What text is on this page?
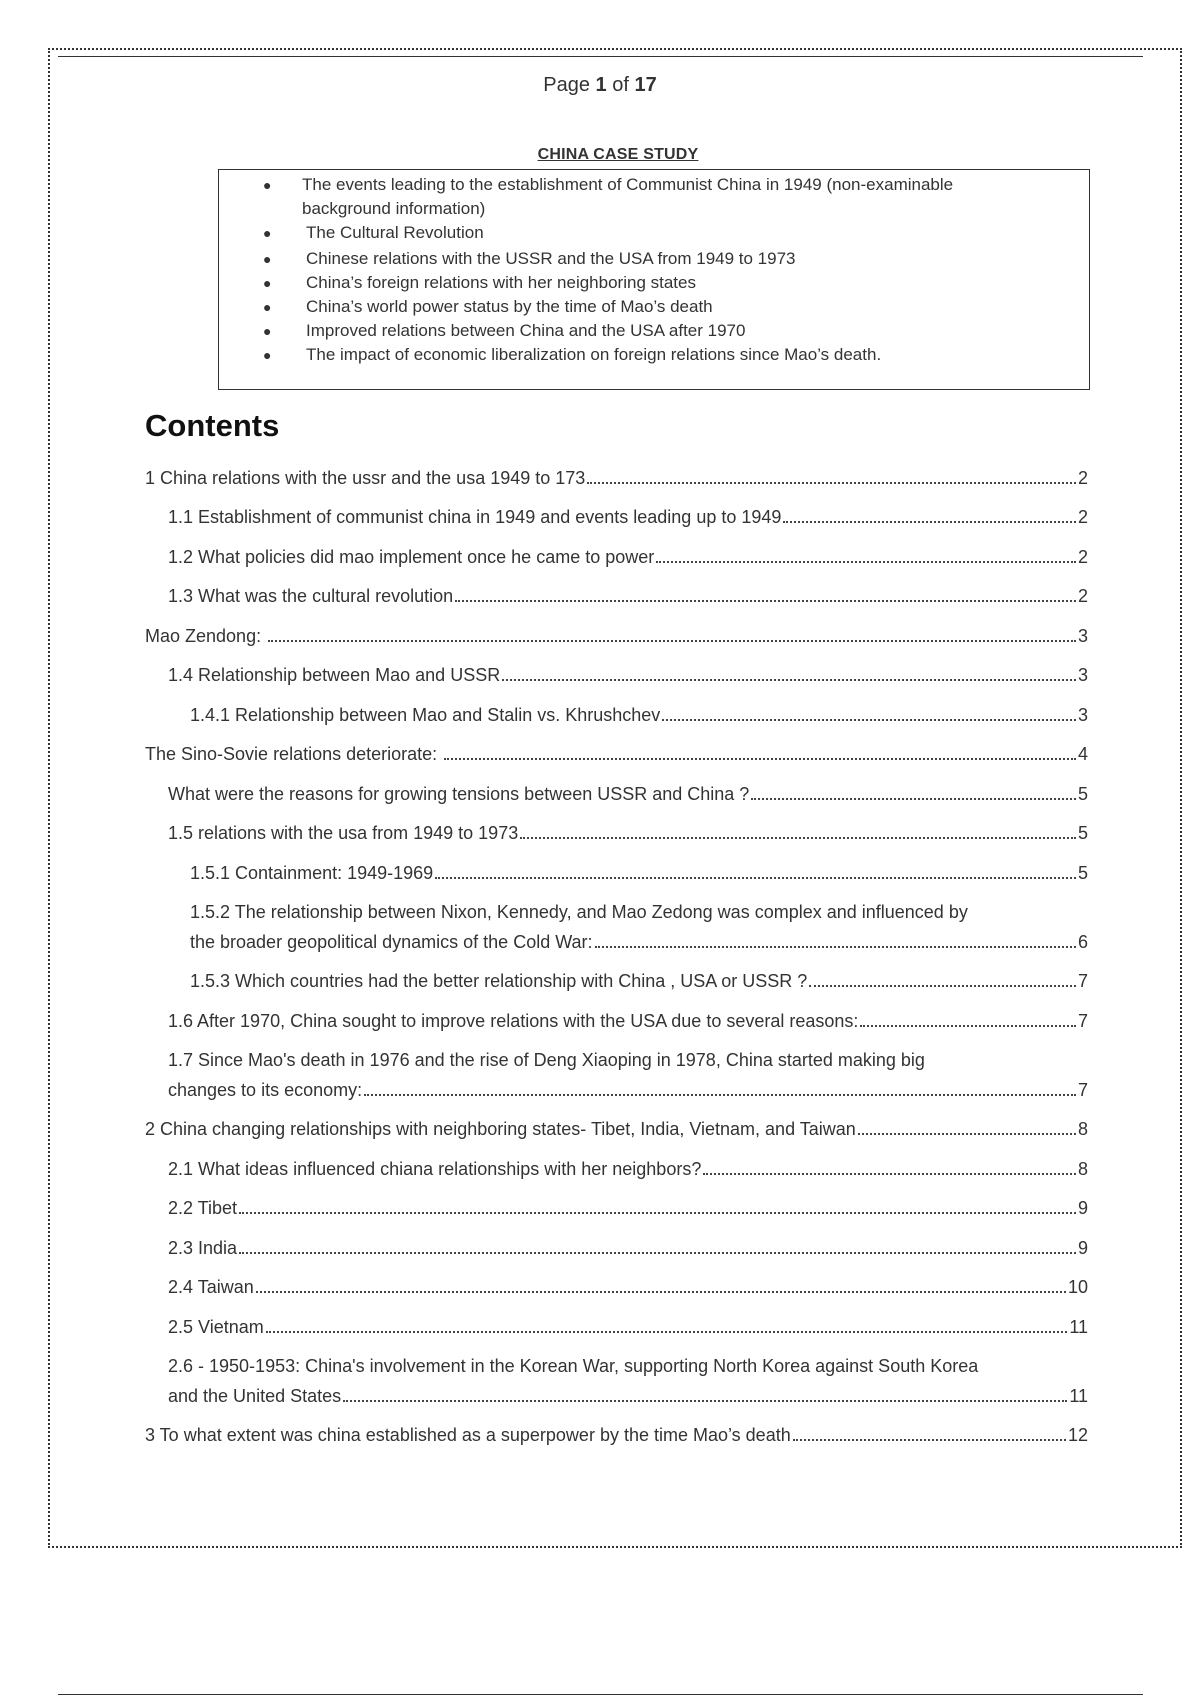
Page 1 of 17
CHINA CASE STUDY
● The events leading to the establishment of Communist China in 1949 (non-examinable
background information)
● The Cultural Revolution
● Chinese relations with the USSR and the USA from 1949 to 1973
● China’s foreign relations with her neighboring states
● China’s world power status by the time of Mao’s death
● Improved relations between China and the USA after 1970
● The impact of economic liberalization on foreign relations since Mao’s death.
Contents
1 China relations with the ussr and the usa 1949 to 173	2
1.1 Establishment of communist china in 1949 and events leading up to 1949	2
1.2 What policies did mao implement once he came to power	2
1.3 What was the cultural revolution	2
Mao Zendong:	3
1.4 Relationship between Mao and USSR	3
1.4.1 Relationship between Mao and Stalin vs. Khrushchev	3
The Sino-Sovie relations deteriorate:	4
What were the reasons for growing tensions between USSR and China ?	5
1.5 relations with the usa from 1949 to 1973	5
1.5.1 Containment: 1949-1969	5
1.5.2 The relationship between Nixon, Kennedy, and Mao Zedong was complex and influenced by
the broader geopolitical dynamics of the Cold War:	6
1.5.3 Which countries had the better relationship with China , USA or USSR ?	7
1.6 After 1970, China sought to improve relations with the USA due to several reasons:	7
1.7 Since Mao's death in 1976 and the rise of Deng Xiaoping in 1978, China started making big
changes to its economy:	7
2 China changing relationships with neighboring states- Tibet, India, Vietnam, and Taiwan	8
2.1 What ideas influenced chiana relationships with her neighbors?	8
2.2 Tibet	9
2.3 India	9
2.4 Taiwan	10
2.5 Vietnam	11
2.6 - 1950-1953: China's involvement in the Korean War, supporting North Korea against South Korea
and the United States	11
3 To what extent was china established as a superpower by the time Mao’s death	12
